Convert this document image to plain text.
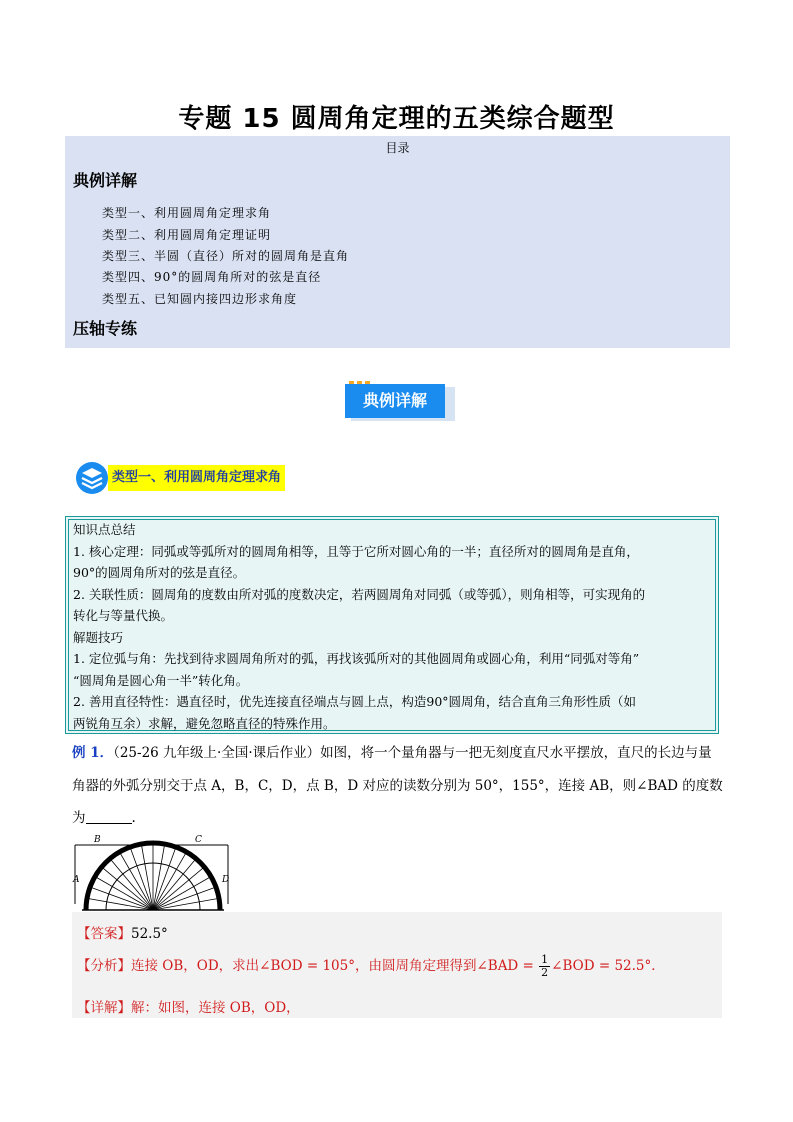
专题 15 圆周角定理的五类综合题型
目录
典例详解
类型一、利用圆周角定理求角
类型二、利用圆周角定理证明
类型三、半圆（直径）所对的圆周角是直角
类型四、90°的圆周角所对的弦是直径
类型五、已知圆内接四边形求角度
压轴专练
典例详解
类型一、利用圆周角定理求角
知识点总结
1. 核心定理：同弧或等弧所对的圆周角相等，且等于它所对圆心角的一半；直径所对的圆周角是直角，
90°的圆周角所对的弦是直径。
2. 关联性质：圆周角的度数由所对弧的度数决定，若两圆周角对同弧（或等弧），则角相等，可实现角的
转化与等量代换。
解题技巧
1. 定位弧与角：先找到待求圆周角所对的弧，再找该弧所对的其他圆周角或圆心角，利用“同弧对等角”
“圆周角是圆心角一半”转化角。
2. 善用直径特性：遇直径时，优先连接直径端点与圆上点，构造90°圆周角，结合直角三角形性质（如
两锐角互余）求解，避免忽略直径的特殊作用。
例 1．（25-26 九年级上·全国·课后作业）如图，将一个量角器与一把无刻度直尺水平摆放，直尺的长边与量
角器的外弧分别交于点 A，B，C，D，点 B，D 对应的读数分别为 50°，155°，连接 AB，则∠BAD 的度数
为	.
B	C
A	D
【答案】52.5°
【分析】连接 OB，OD，求出∠BOD = 105°，由圆周角定理得到∠BAD = $\frac{1}{2}$ ∠BOD = 52.5°．
【详解】解：如图，连接 OB，OD，
